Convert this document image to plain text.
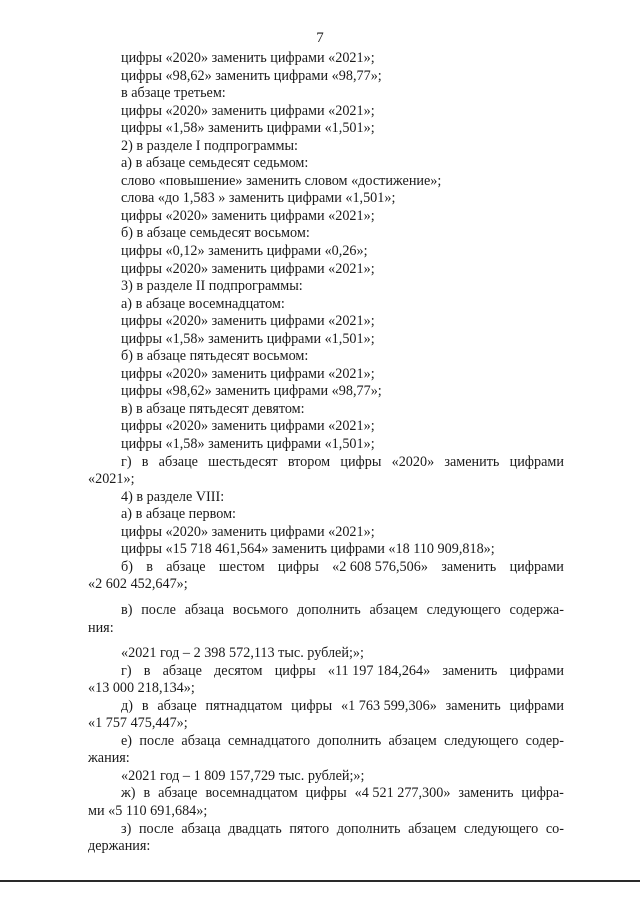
7
цифры «2020» заменить цифрами «2021»;
цифры «98,62» заменить цифрами «98,77»;
в абзаце третьем:
цифры «2020» заменить цифрами «2021»;
цифры «1,58» заменить цифрами «1,501»;
2) в разделе I подпрограммы:
а) в абзаце семьдесят седьмом:
слово «повышение» заменить словом «достижение»;
слова «до 1,583 » заменить цифрами «1,501»;
цифры «2020» заменить цифрами «2021»;
б) в абзаце семьдесят восьмом:
цифры «0,12» заменить цифрами «0,26»;
цифры «2020» заменить цифрами «2021»;
3) в разделе II подпрограммы:
а) в абзаце восемнадцатом:
цифры «2020» заменить цифрами «2021»;
цифры «1,58» заменить цифрами «1,501»;
б) в абзаце пятьдесят восьмом:
цифры «2020» заменить цифрами «2021»;
цифры «98,62» заменить цифрами «98,77»;
в) в абзаце пятьдесят девятом:
цифры «2020» заменить цифрами «2021»;
цифры «1,58» заменить цифрами «1,501»;
г) в абзаце шестьдесят втором цифры «2020» заменить цифрами
«2021»;
4) в разделе VIII:
а) в абзаце первом:
цифры «2020» заменить цифрами «2021»;
цифры «15 718 461,564» заменить цифрами «18 110 909,818»;
б) в абзаце шестом цифры «2 608 576,506» заменить цифрами
«2 602 452,647»;
в) после абзаца восьмого дополнить абзацем следующего содержа-
ния:
«2021 год – 2 398 572,113 тыс. рублей;»;
г) в абзаце десятом цифры «11 197 184,264» заменить цифрами
«13 000 218,134»;
д) в абзаце пятнадцатом цифры «1 763 599,306» заменить цифрами
«1 757 475,447»;
е) после абзаца семнадцатого дополнить абзацем следующего содер-
жания:
«2021 год – 1 809 157,729 тыс. рублей;»;
ж) в абзаце восемнадцатом цифры «4 521 277,300» заменить цифра-
ми «5 110 691,684»;
з) после абзаца двадцать пятого дополнить абзацем следующего со-
держания:
